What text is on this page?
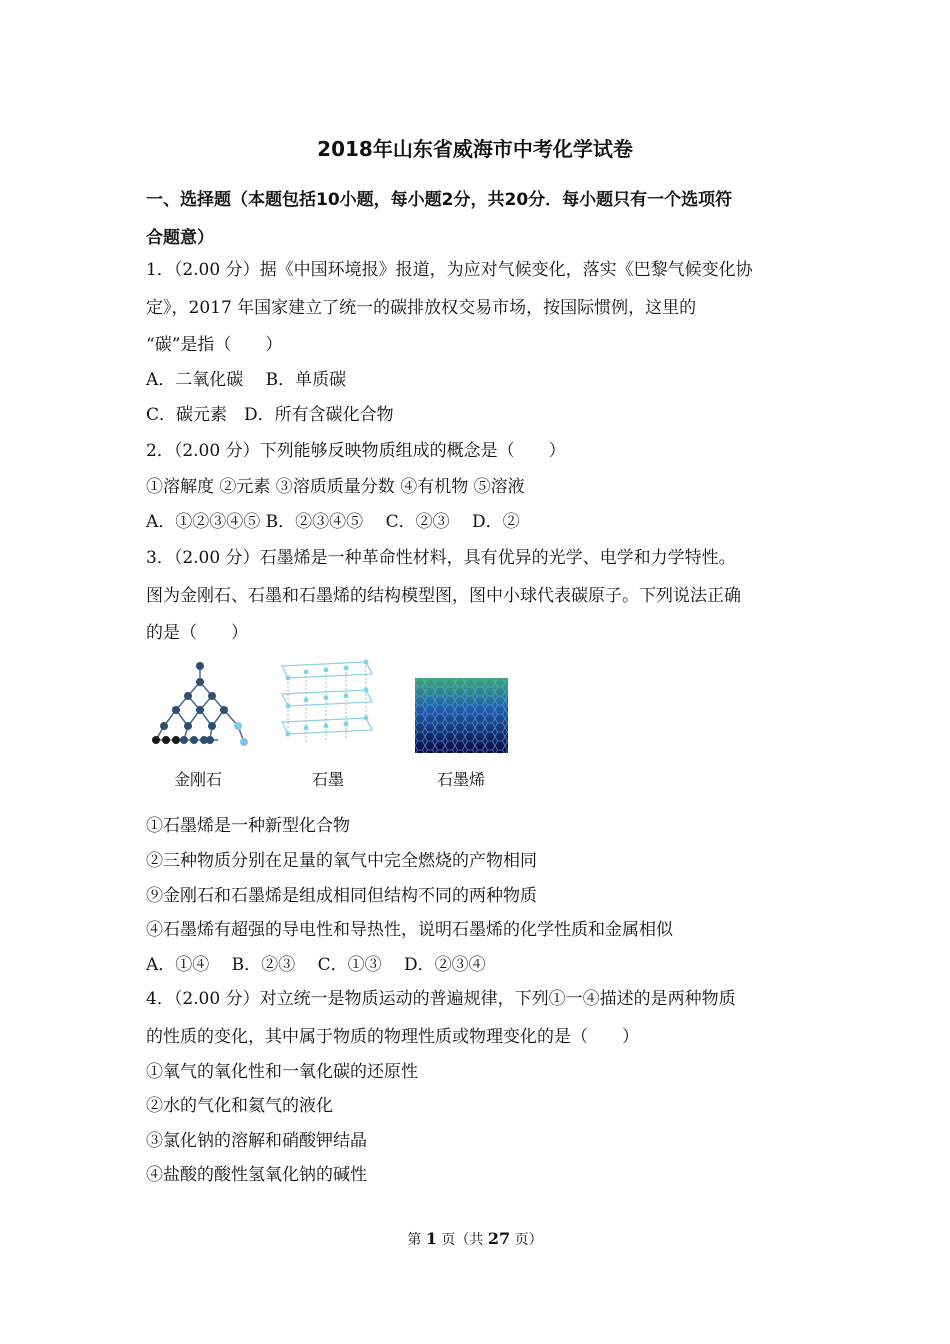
2018年山东省威海市中考化学试卷
一、选择题（本题包括10小题，每小题2分，共20分．每小题只有一个选项符
合题意）
1．（2.00 分）据《中国环境报》报道，为应对气候变化，落实《巴黎气候变化协
定》，2017 年国家建立了统一的碳排放权交易市场，按国际惯例，这里的
“碳”是指（　　）
A．二氧化碳　 B．单质碳
C．碳元素　D．所有含碳化合物
2．（2.00 分）下列能够反映物质组成的概念是（　　）
①溶解度 ②元素 ③溶质质量分数 ④有机物 ⑤溶液
A．①②③④⑤ B．②③④⑤　 C．②③　 D．②
3．（2.00 分）石墨烯是一种革命性材料，具有优异的光学、电学和力学特性。
图为金刚石、石墨和石墨烯的结构模型图，图中小球代表碳原子。下列说法正确
的是（　　）
金刚石	石墨	石墨烯
①石墨烯是一种新型化合物
②三种物质分别在足量的氧气中完全燃烧的产物相同
⑨金刚石和石墨烯是组成相同但结构不同的两种物质
④石墨烯有超强的导电性和导热性，说明石墨烯的化学性质和金属相似
A．①④　 B．②③　 C．①③　 D．②③④
4．（2.00 分）对立统一是物质运动的普遍规律，下列①一④描述的是两种物质
的性质的变化，其中属于物质的物理性质或物理变化的是（　　）
①氧气的氧化性和一氧化碳的还原性
②水的气化和氦气的液化
③氯化钠的溶解和硝酸钾结晶
④盐酸的酸性氢氧化钠的碱性
第 1 页（共 27 页）
